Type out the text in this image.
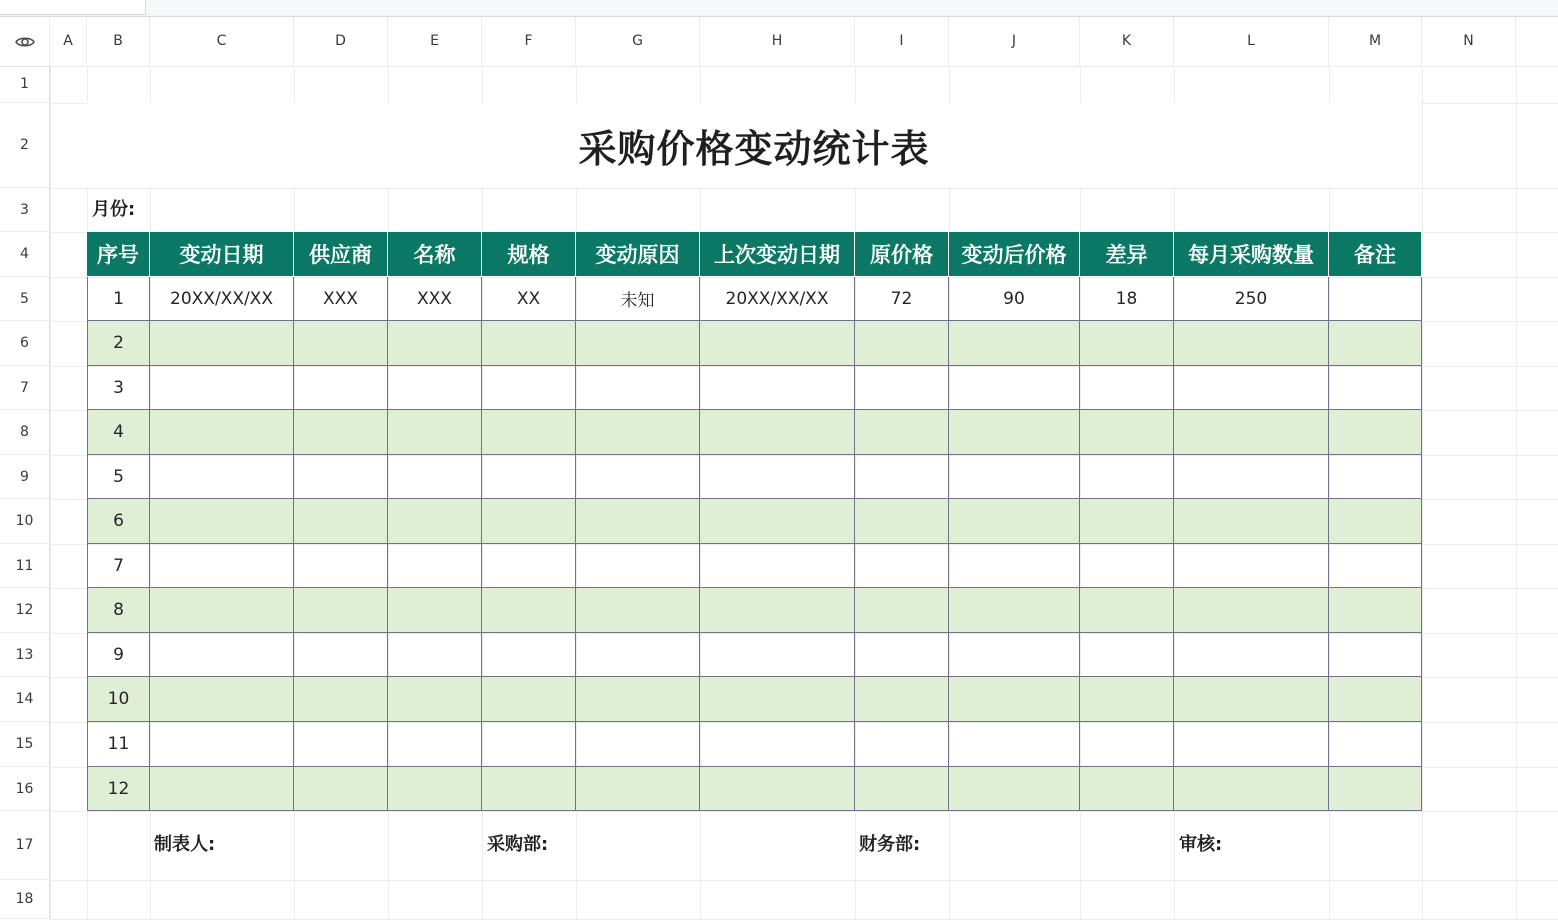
A	B	C	D	E	F	G	H	I	J	K	L	M	N
1
2
3
4
5
6
7
8
9
10
11
12
13
14
15
16
17
18
采购价格变动统计表
月份:
序号	变动日期	供应商	名称	规格	变动原因	上次变动日期	原价格	变动后价格	差异	每月采购数量	备注
1	20XX/XX/XX	XXX	XXX	XX	未知	20XX/XX/XX	72	90	18	250
2
3
4
5
6
7
8
9
10
11
12
制表人:	采购部:	财务部:	审核:
